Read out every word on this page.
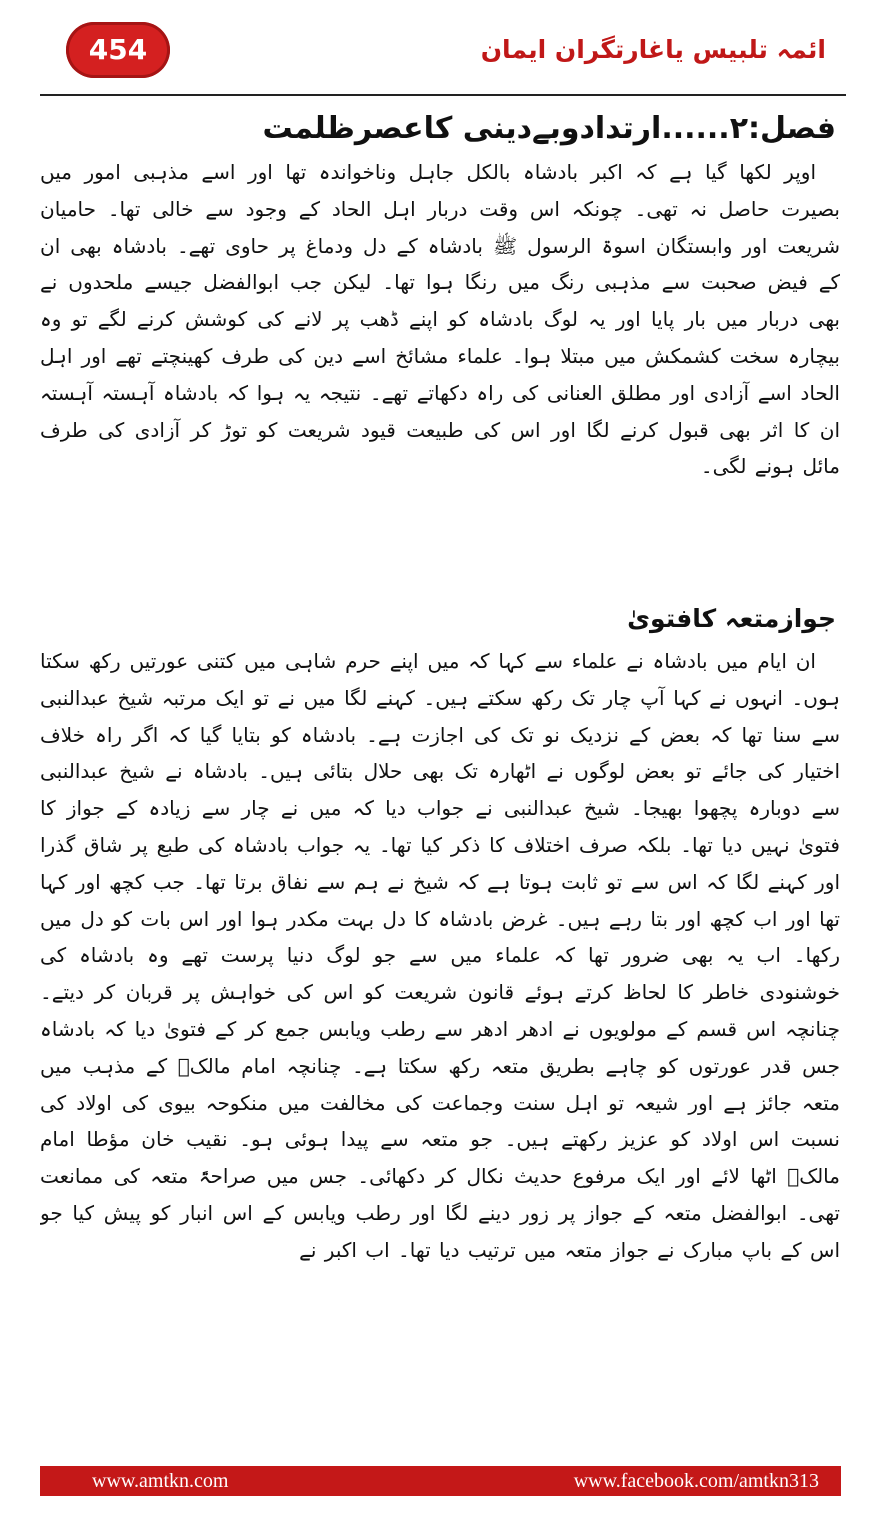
454	ائمہ تلبیس یاغارتگران ایمان
فصل:۲......ارتدادوبےدینی کاعصرظلمت

اوپر لکھا گیا ہے کہ اکبر بادشاہ بالکل جاہل وناخواندہ تھا اور اسے مذہبی امور میں بصیرت حاصل نہ تھی۔ چونکہ اس وقت دربار اہل الحاد کے وجود سے خالی تھا۔ حامیان شریعت اور وابستگان اسوۃ الرسول ﷺ بادشاہ کے دل ودماغ پر حاوی تھے۔ بادشاہ بھی ان کے فیض صحبت سے مذہبی رنگ میں رنگا ہوا تھا۔ لیکن جب ابوالفضل جیسے ملحدوں نے بھی دربار میں بار پایا اور یہ لوگ بادشاہ کو اپنے ڈھب پر لانے کی کوشش کرنے لگے تو وہ بیچارہ سخت کشمکش میں مبتلا ہوا۔ علماء مشائخ اسے دین کی طرف کھینچتے تھے اور اہل الحاد اسے آزادی اور مطلق العنانی کی راہ دکھاتے تھے۔ نتیجہ یہ ہوا کہ بادشاہ آہستہ آہستہ ان کا اثر بھی قبول کرنے لگا اور اس کی طبیعت قیود شریعت کو توڑ کر آزادی کی طرف مائل ہونے لگی۔

جوازمتعہ کافتویٰ

ان ایام میں بادشاہ نے علماء سے کہا کہ میں اپنے حرم شاہی میں کتنی عورتیں رکھ سکتا ہوں۔ انہوں نے کہا آپ چار تک رکھ سکتے ہیں۔ کہنے لگا میں نے تو ایک مرتبہ شیخ عبدالنبی سے سنا تھا کہ بعض کے نزدیک نو تک کی اجازت ہے۔ بادشاہ کو بتایا گیا کہ اگر راہ خلاف اختیار کی جائے تو بعض لوگوں نے اٹھارہ تک بھی حلال بتائی ہیں۔ بادشاہ نے شیخ عبدالنبی سے دوبارہ پچھوا بھیجا۔ شیخ عبدالنبی نے جواب دیا کہ میں نے چار سے زیادہ کے جواز کا فتویٰ نہیں دیا تھا۔ بلکہ صرف اختلاف کا ذکر کیا تھا۔ یہ جواب بادشاہ کی طبع پر شاق گذرا اور کہنے لگا کہ اس سے تو ثابت ہوتا ہے کہ شیخ نے ہم سے نفاق برتا تھا۔ جب کچھ اور کہا تھا اور اب کچھ اور بتا رہے ہیں۔ غرض بادشاہ کا دل بہت مکدر ہوا اور اس بات کو دل میں رکھا۔ اب یہ بھی ضرور تھا کہ علماء میں سے جو لوگ دنیا پرست تھے وہ بادشاہ کی خوشنودی خاطر کا لحاظ کرتے ہوئے قانون شریعت کو اس کی خواہش پر قربان کر دیتے۔ چنانچہ اس قسم کے مولویوں نے ادھر ادھر سے رطب ویابس جمع کر کے فتویٰ دیا کہ بادشاہ جس قدر عورتوں کو چاہے بطریق متعہ رکھ سکتا ہے۔ چنانچہ امام مالکؒ کے مذہب میں متعہ جائز ہے اور شیعہ تو اہل سنت وجماعت کی مخالفت میں منکوحہ بیوی کی اولاد کی نسبت اس اولاد کو عزیز رکھتے ہیں۔ جو متعہ سے پیدا ہوئی ہو۔ نقیب خان مؤطا امام مالکؒ اٹھا لائے اور ایک مرفوع حدیث نکال کر دکھائی۔ جس میں صراحۃً متعہ کی ممانعت تھی۔ ابوالفضل متعہ کے جواز پر زور دینے لگا اور رطب ویابس کے اس انبار کو پیش کیا جو اس کے باپ مبارک نے جواز متعہ میں ترتیب دیا تھا۔ اب اکبر نے

www.amtkn.com	www.facebook.com/amtkn313
